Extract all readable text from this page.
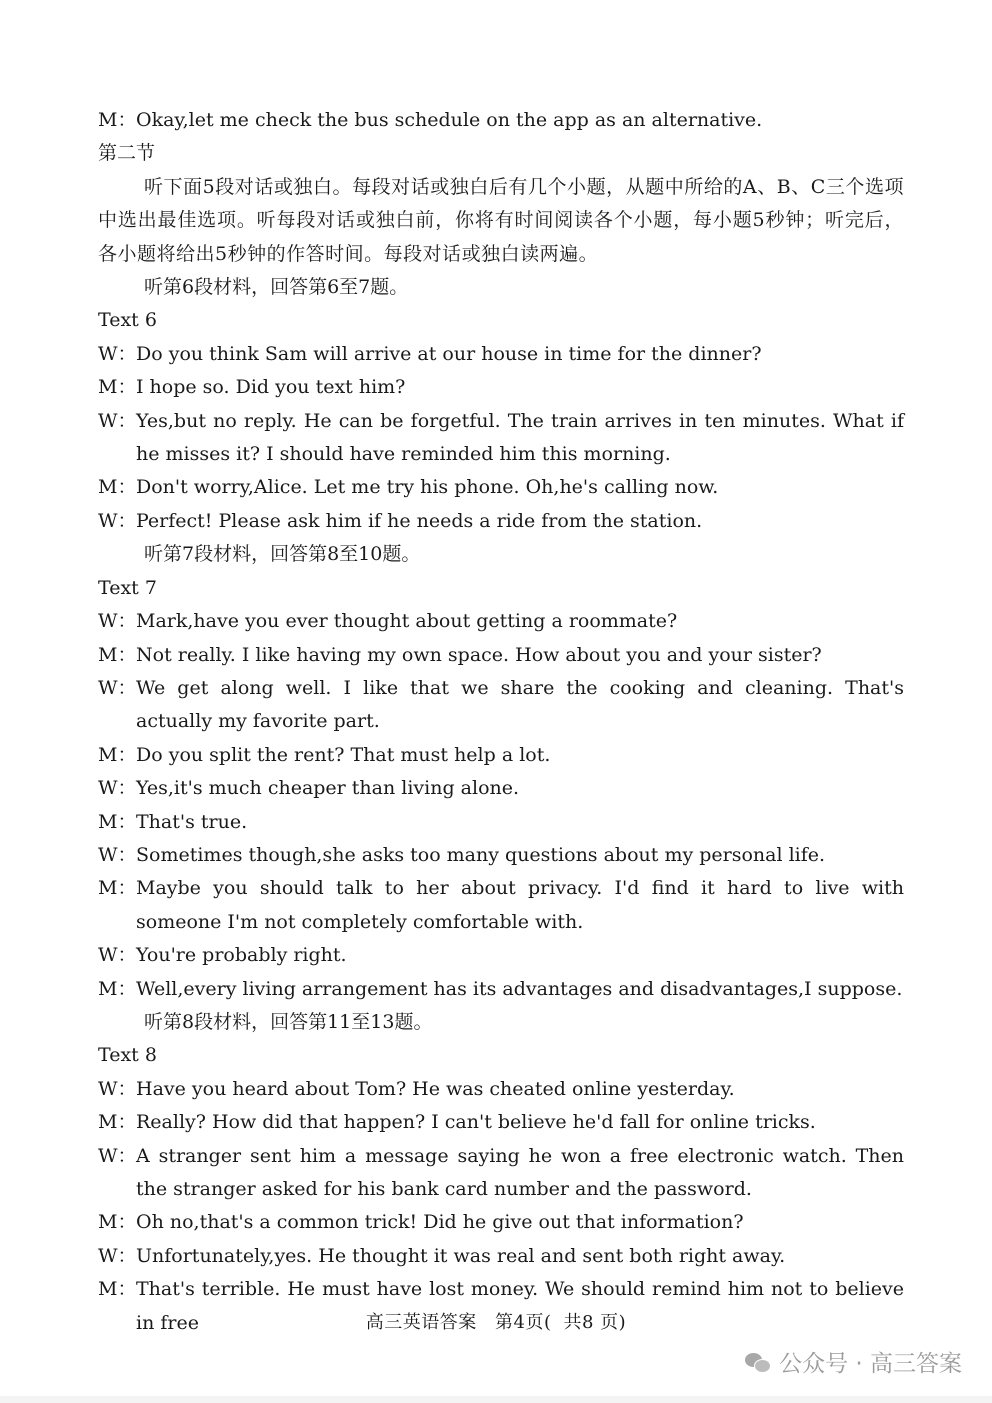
M： Okay,let me check the bus schedule on the app as an alternative.
第二节
听下面5段对话或独白。每段对话或独白后有几个小题，从题中所给的A、B、C三个选项中选出最佳选项。听每段对话或独白前，你将有时间阅读各个小题，每小题5秒钟；听完后，各小题将给出5秒钟的作答时间。每段对话或独白读两遍。
听第6段材料，回答第6至7题。
Text 6
W： Do you think Sam will arrive at our house in time for the dinner?
M： I hope so. Did you text him?
W： Yes,but no reply. He can be forgetful. The train arrives in ten minutes. What if he misses it? I should have reminded him this morning.
M： Don't worry,Alice. Let me try his phone. Oh,he's calling now.
W： Perfect! Please ask him if he needs a ride from the station.
听第7段材料，回答第8至10题。
Text 7
W： Mark,have you ever thought about getting a roommate?
M： Not really. I like having my own space. How about you and your sister?
W： We get along well. I like that we share the cooking and cleaning. That's actually my favorite part.
M： Do you split the rent? That must help a lot.
W： Yes,it's much cheaper than living alone.
M： That's true.
W： Sometimes though,she asks too many questions about my personal life.
M： Maybe you should talk to her about privacy. I'd find it hard to live with someone I'm not completely comfortable with.
W： You're probably right.
M： Well,every living arrangement has its advantages and disadvantages,I suppose.
听第8段材料，回答第11至13题。
Text 8
W： Have you heard about Tom? He was cheated online yesterday.
M： Really? How did that happen? I can't believe he'd fall for online tricks.
W： A stranger sent him a message saying he won a free electronic watch. Then the stranger asked for his bank card number and the password.
M： Oh no,that's a common trick! Did he give out that information?
W： Unfortunately,yes. He thought it was real and sent both right away.
M： That's terrible. He must have lost money. We should remind him not to believe in free	高三英语答案 第4页( 共8 页)
公众号 · 高三答案
